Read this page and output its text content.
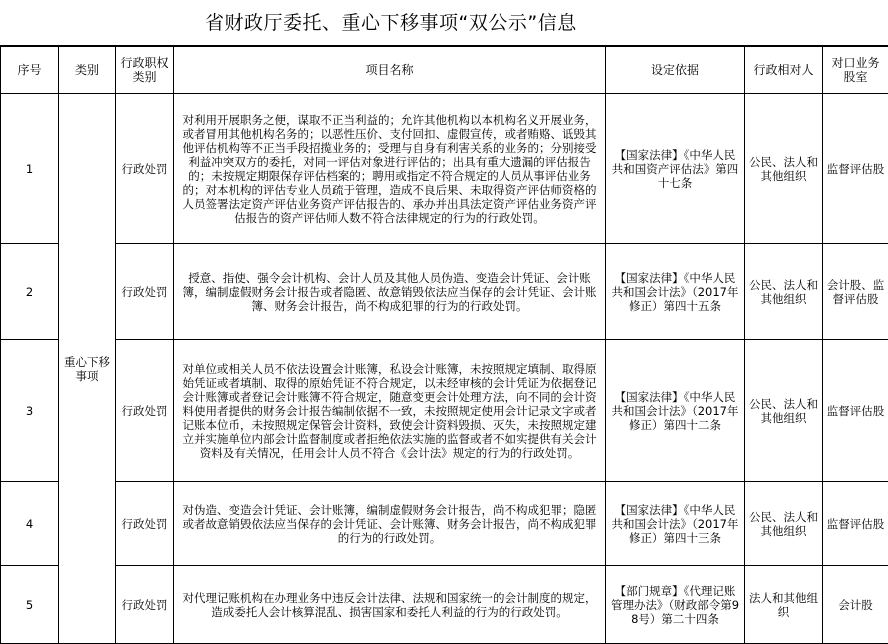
省财政厅委托、重心下移事项“双公示”信息
序号	类别	行政职权类别	项目名称	设定依据	行政相对人	对口业务股室
1	重心下移事项	行政处罚	对利用开展职务之便，谋取不正当利益的；允许其他机构以本机构名义开展业务，或者冒用其他机构名务的；以恶性压价、支付回扣、虚假宣传，或者贿赂、诋毁其他评估机构等不正当手段招揽业务的；受理与自身有利害关系的业务的；分别接受利益冲突双方的委托，对同一评估对象进行评估的；出具有重大遗漏的评估报告的；未按规定期限保存评估档案的；聘用或指定不符合规定的人员从事评估业务的；对本机构的评估专业人员疏于管理，造成不良后果、未取得资产评估师资格的人员签署法定资产评估业务资产评估报告的、承办并出具法定资产评估业务资产评估报告的资产评估师人数不符合法律规定的行为的行政处罚。	【国家法律】《中华人民共和国资产评估法》第四十七条	公民、法人和其他组织	监督评估股
2		行政处罚	授意、指使、强令会计机构、会计人员及其他人员伪造、变造会计凭证、会计账簿，编制虚假财务会计报告或者隐匿、故意销毁依法应当保存的会计凭证、会计账簿、财务会计报告，尚不构成犯罪的行为的行政处罚。	【国家法律】《中华人民共和国会计法》（2017年修正）第四十五条	公民、法人和其他组织	会计股、监督评估股
3		行政处罚	对单位或相关人员不依法设置会计账簿，私设会计账簿，未按照规定填制、取得原始凭证或者填制、取得的原始凭证不符合规定，以未经审核的会计凭证为依据登记会计账簿或者登记会计账簿不符合规定，随意变更会计处理方法，向不同的会计资料使用者提供的财务会计报告编制依据不一致，未按照规定使用会计记录文字或者记账本位币，未按照规定保管会计资料，致使会计资料毁损、灭失，未按照规定建立并实施单位内部会计监督制度或者拒绝依法实施的监督或者不如实提供有关会计资料及有关情况，任用会计人员不符合《会计法》规定的行为的行政处罚。	【国家法律】《中华人民共和国会计法》（2017年修正）第四十二条	公民、法人和其他组织	监督评估股
4		行政处罚	对伪造、变造会计凭证、会计账簿，编制虚假财务会计报告，尚不构成犯罪；隐匿或者故意销毁依法应当保存的会计凭证、会计账簿、财务会计报告，尚不构成犯罪的行为的行政处罚。	【国家法律】《中华人民共和国会计法》（2017年修正）第四十三条	公民、法人和其他组织	监督评估股
5		行政处罚	对代理记账机构在办理业务中违反会计法律、法规和国家统一的会计制度的规定，造成委托人会计核算混乱、损害国家和委托人利益的行为的行政处罚。	【部门规章】《代理记账管理办法》（财政部令第98号）第二十四条	法人和其他组织	会计股
